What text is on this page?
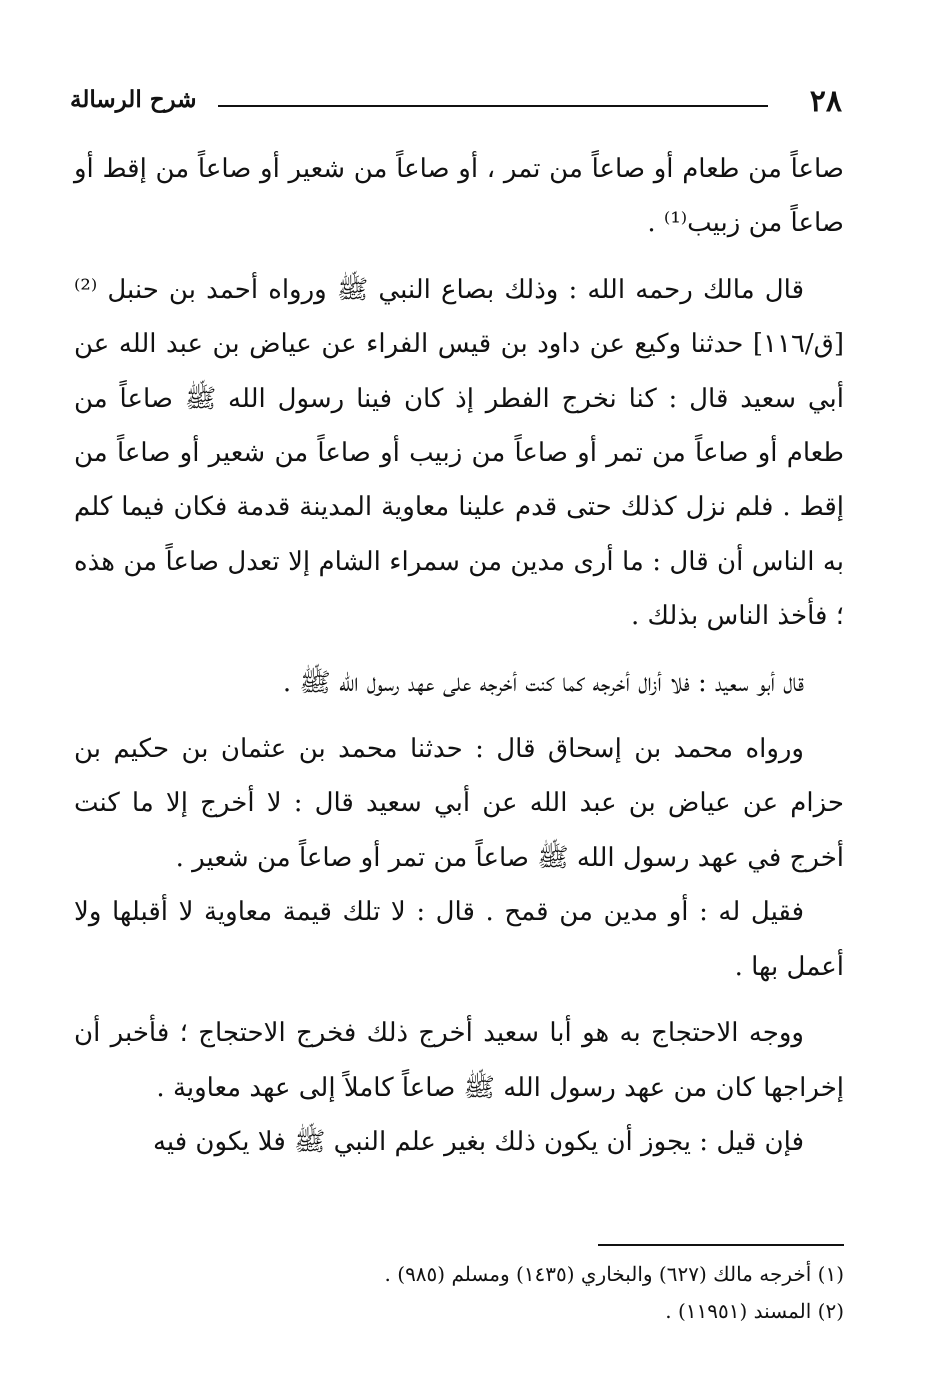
٢٨
شرح الرسالة

صاعاً من طعام أو صاعاً من تمر ، أو صاعاً من شعير أو صاعاً من إقط أو صاعاً من زبيب⁽¹⁾ .

قال مالك رحمه الله : وذلك بصاع النبي ﷺ ورواه أحمد بن حنبل ⁽²⁾ [ق/١١٦] حدثنا وكيع عن داود بن قيس الفراء عن عياض بن عبد الله عن أبي سعيد قال : كنا نخرج الفطر إذ كان فينا رسول الله ﷺ صاعاً من طعام أو صاعاً من تمر أو صاعاً من زبيب أو صاعاً من شعير أو صاعاً من إقط . فلم نزل كذلك حتى قدم علينا معاوية المدينة قدمة فكان فيما كلم به الناس أن قال : ما أرى مدين من سمراء الشام إلا تعدل صاعاً من هذه ؛ فأخذ الناس بذلك .

قال أبو سعيد : فلا أزال أخرجه كما كنت أخرجه على عهد رسول الله ﷺ .

ورواه محمد بن إسحاق قال : حدثنا محمد بن عثمان بن حكيم بن حزام عن عياض بن عبد الله عن أبي سعيد قال : لا أخرج إلا ما كنت أخرج في عهد رسول الله ﷺ صاعاً من تمر أو صاعاً من شعير .

فقيل له : أو مدين من قمح . قال : لا تلك قيمة معاوية لا أقبلها ولا أعمل بها .

ووجه الاحتجاج به هو أبا سعيد أخرج ذلك فخرج الاحتجاج ؛ فأخبر أن إخراجها كان من عهد رسول الله ﷺ صاعاً كاملاً إلى عهد معاوية .

فإن قيل : يجوز أن يكون ذلك بغير علم النبي ﷺ فلا يكون فيه

(١) أخرجه مالك (٦٢٧) والبخاري (١٤٣٥) ومسلم (٩٨٥) .

(٢) المسند (١١٩٥١) .
